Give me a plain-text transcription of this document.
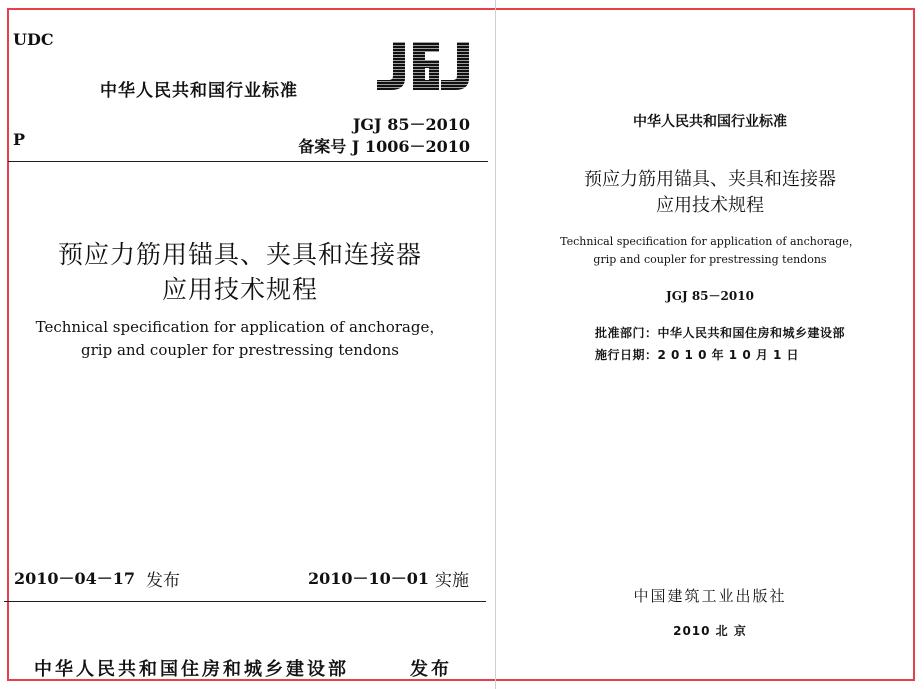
UDC
中华人民共和国行业标准
P
JGJ 85－2010
备案号 J 1006－2010
预应力筋用锚具、夹具和连接器
应用技术规程
Technical specification for application of anchorage，
grip and coupler for prestressing tendons
2010－04－17 发布	2010－10－01 实施
中华人民共和国住房和城乡建设部	发布
中华人民共和国行业标准
预应力筋用锚具、夹具和连接器
应用技术规程
Technical specification for application of anchorage，
grip and coupler for prestressing tendons
JGJ 85－2010
批准部门：中华人民共和国住房和城乡建设部
施行日期：2 0 1 0 年 1 0 月 1 日
中国建筑工业出版社
2010 北 京
